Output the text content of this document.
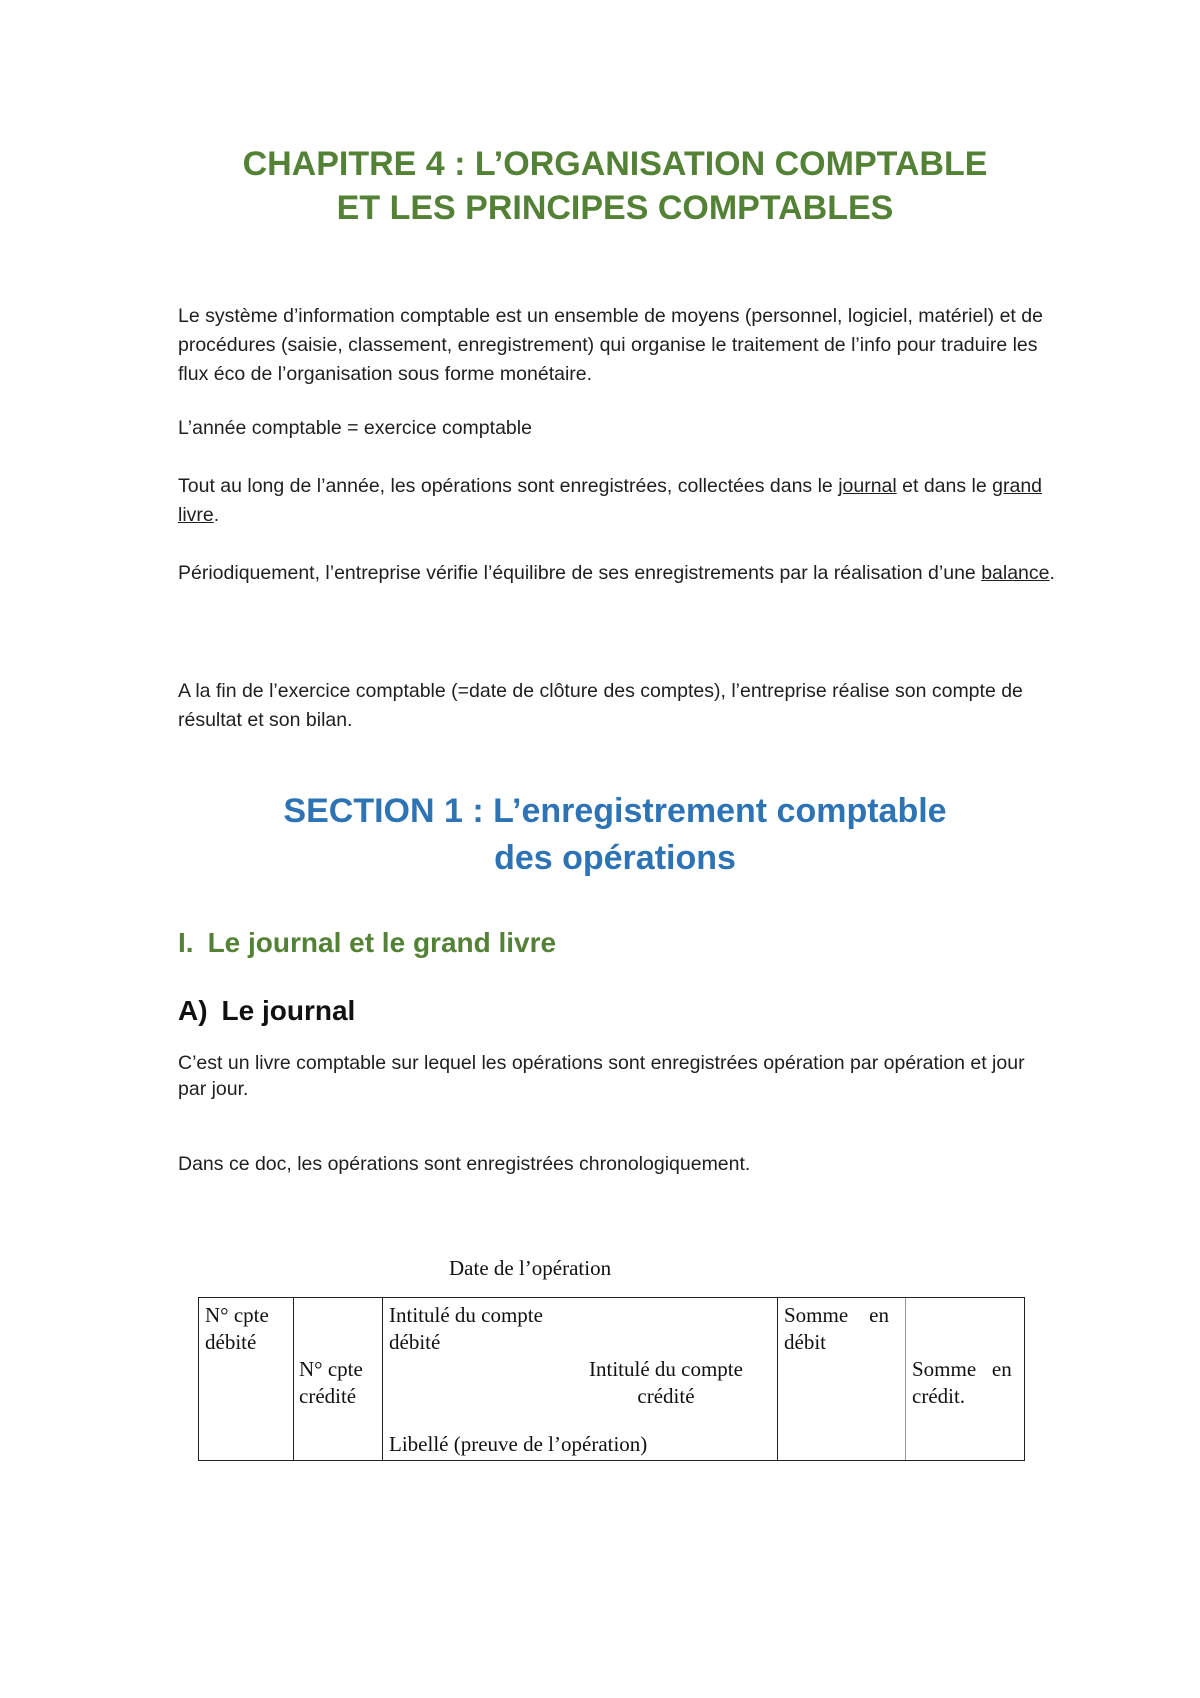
CHAPITRE 4 : L’ORGANISATION COMPTABLE
ET LES PRINCIPES COMPTABLES

Le système d’information comptable est un ensemble de moyens (personnel, logiciel, matériel) et de procédures (saisie, classement, enregistrement) qui organise le traitement de l’info pour traduire les flux éco de l’organisation sous forme monétaire.

L’année comptable = exercice comptable

Tout au long de l’année, les opérations sont enregistrées, collectées dans le journal et dans le grand livre.

Périodiquement, l’entreprise vérifie l’équilibre de ses enregistrements par la réalisation d’une balance.

A la fin de l’exercice comptable (=date de clôture des comptes), l’entreprise réalise son compte de résultat et son bilan.

SECTION 1 : L’enregistrement comptable
des opérations
I. Le journal et le grand livre
A) Le journal

C’est un livre comptable sur lequel les opérations sont enregistrées opération par opération et jour par jour.

Dans ce doc, les opérations sont enregistrées chronologiquement.

Date de l’opération
N° cpte
débité
N° cpte
crédité
Intitulé du compte
débité
Intitulé du compte
crédité
Libellé (preuve de l’opération)
Somme    en
débit
Somme   en
crédit.
